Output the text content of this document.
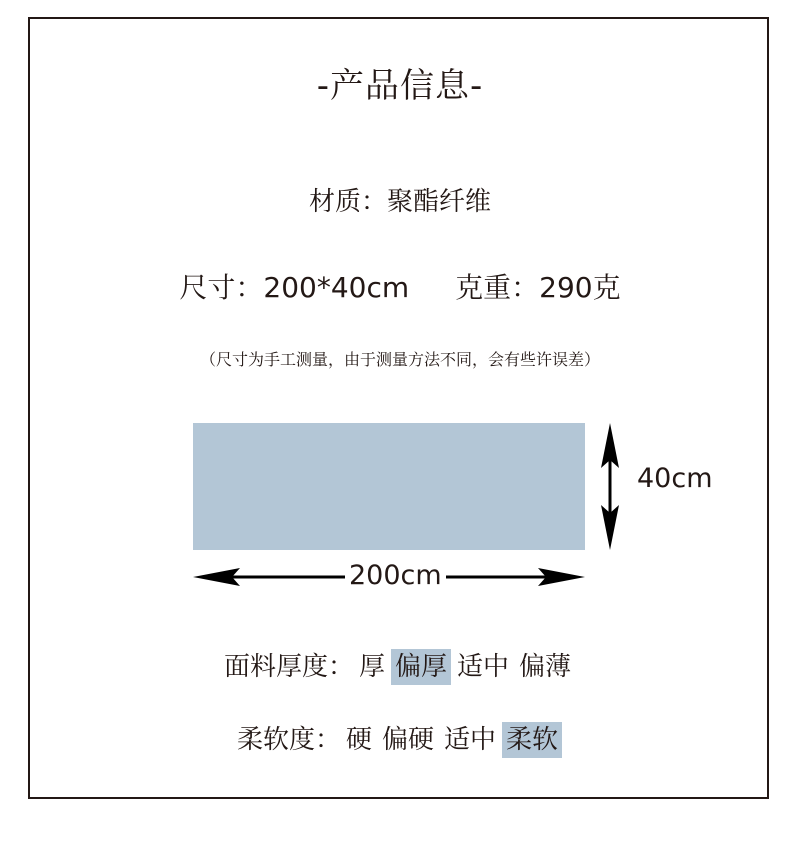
-产品信息-
材质：聚酯纤维
尺寸：200*40cm 克重：290克
（尺寸为手工测量，由于测量方法不同，会有些许误差）
200cm
40cm
面料厚度： 厚 偏厚 适中 偏薄
柔软度： 硬 偏硬 适中 柔软
